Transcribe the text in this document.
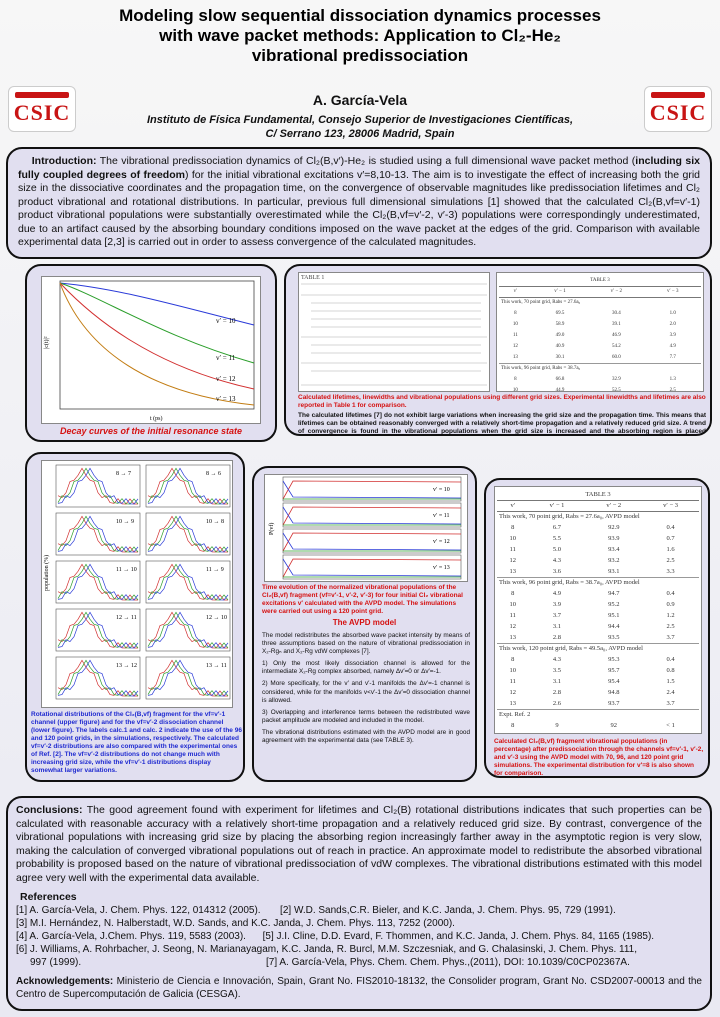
Modeling slow sequential dissociation dynamics processes
with wave packet methods: Application to Cl₂-He₂
vibrational predissociation
CSIC	CSIC
A. García-Vela
Instituto de Física Fundamental, Consejo Superior de Investigaciones Científicas,
C/ Serrano 123, 28006 Madrid, Spain

Introduction: The vibrational predissociation dynamics of Cl₂(B,v′)-He₂ is studied using a full dimensional wave packet method (including six fully coupled degrees of freedom) for the initial vibrational excitations v′=8,10-13. The aim is to investigate the effect of increasing both the grid size in the dissociative coordinates and the propagation time, on the convergence of observable magnitudes like predissociation lifetimes and Cl₂ product vibrational and rotational distributions. In particular, previous full dimensional simulations [1] showed that the calculated Cl₂(B,vf=v′-1) product vibrational populations were substantially overestimated while the Cl₂(B,vf=v′-2, v′-3) populations were correspondingly underestimated, due to an artifact caused by the absorbing boundary conditions imposed on the wave packet at the edges of the grid. Comparison with available experimental data [2,3] is carried out in order to assess convergence of the calculated magnitudes.

v′ = 10
v′ = 11
v′ = 12
v′ = 13
|c(t)|²
t (ps)
Decay curves of the initial resonance state
TABLE 1	TABLE 3			
v′	v′ − 1	v′ − 2	v′ − 3
This work, 70 point grid, Rabs = 27.6a₀			
8	69.5	30.4	1.0
10	58.9	39.1	2.0
11	49.0	46.9	3.9
12	40.9	54.2	4.9
13	30.1	60.0	7.7
This work, 96 point grid, Rabs = 38.7a₀			
8	66.8	32.9	1.3
10	44.9	52.5	2.5

Calculated lifetimes, linewidths and vibrational populations using different grid sizes. Experimental linewidths and lifetimes are also reported in Table 1 for comparison.
The calculated lifetimes [7] do not exhibit large variations when increasing the grid size and the propagation time. This means that lifetimes can be obtained reasonably converged with a relatively short-time propagation and a relatively reduced grid size. A trend of convergence is found in the vibrational populations when the grid size is increased and the absorbing region is placed
8 → 7
10 → 9
11 → 10
12 → 11
13 → 12
8 → 6
10 → 8
11 → 9
12 → 10
13 → 11
population (%)
Rotational distributions of the Cl₂(B,vf) fragment for the vf=v′-1 channel (upper figure) and for the vf=v′-2 dissociation channel (lower figure). The labels calc.1 and calc. 2 indicate the use of the 96 and 120 point grids, in the simulations, respectively. The calculated vf=v′-2 distributions are also compared with the experimental ones of Ref. [2]. The vf=v′-2 distributions do not change much with increasing grid size, while the vf=v′-1 distributions display somewhat larger variations.
v′ = 10
v′ = 11
v′ = 12
v′ = 13
P(vf)
Time evolution of the normalized vibrational populations of the Cl₂(B,vf) fragment (vf=v′-1, v′-2, v′-3) for four initial Cl₂ vibrational excitations v′ calculated with the AVPD model. The simulations were carried out using a 120 point grid.
The AVPD model

The model redistributes the absorbed wave packet intensity by means of three assumptions based on the nature of vibrational predissociation in X₂-Rgₙ and X₂-Rg vdW complexes [7].

1) Only the most likely dissociation channel is allowed for the intermediate X₂-Rg complex absorbed, namely Δv′=0 or Δv′=-1.

2) More specifically, for the v′ and v′-1 manifolds the Δv′=-1 channel is considered, while for the manifolds v<v′-1 the Δv′=0 dissociation channel is allowed.

3) Overlapping and interference terms between the redistributed wave packet amplitude are modeled and included in the model.

The vibrational distributions estimated with the AVPD model are in good agreement with the experimental data (see TABLE 3).

TABLE 3			
v′	v′ − 1	v′ − 2	v′ − 3
This work, 70 point grid, Rabs = 27.6a₀, AVPD model			
8	6.7	92.9	0.4
10	5.5	93.9	0.7
11	5.0	93.4	1.6
12	4.3	93.2	2.5
13	3.6	93.1	3.3
This work, 96 point grid, Rabs = 38.7a₀, AVPD model			
8	4.9	94.7	0.4
10	3.9	95.2	0.9
11	3.7	95.1	1.2
12	3.1	94.4	2.5
13	2.8	93.5	3.7
This work, 120 point grid, Rabs = 49.5a₀, AVPD model			
8	4.3	95.3	0.4
10	3.5	95.7	0.8
11	3.1	95.4	1.5
12	2.8	94.8	2.4
13	2.6	93.7	3.7
Expt. Ref. 2			
8	9	92	< 1
Calculated Cl₂(B,vf) fragment vibrational populations (in percentage) after predissociation through the channels vf=v′-1, v′-2, and v′-3 using the AVPD model with 70, 96, and 120 point grid simulations. The experimental distribution for v′=8 is also shown for comparison.

Conclusions: The good agreement found with experiment for lifetimes and Cl₂(B) rotational distributions indicates that such properties can be calculated with reasonable accuracy with a relatively short-time propagation and a relatively reduced grid size. By contrast, convergence of the vibrational populations with increasing grid size by placing the absorbing region increasingly farther away in the asymptotic region is very slow, making the calculation of converged vibrational populations out of reach in practice. An approximate model to redistribute the absorbed vibrational probability is proposed based on the nature of vibrational predissociation of vdW complexes. The vibrational distributions estimated with this model agree very well with the experimental data available.

References
[1] A. García-Vela, J. Chem. Phys. 122, 014312 (2005). [2] W.D. Sands,C.R. Bieler, and K.C. Janda, J. Chem. Phys. 95, 729 (1991).
[3] M.I. Hernández, N. Halberstadt, W.D. Sands, and K.C. Janda, J. Chem. Phys. 113, 7252 (2000).
[4] A. García-Vela, J.Chem. Phys. 119, 5583 (2003). [5] J.I. Cline, D.D. Evard, F. Thommen, and K.C. Janda, J. Chem. Phys. 84, 1165 (1985).
[6] J. Williams, A. Rohrbacher, J. Seong, N. Marianayagam, K.C. Janda, R. Burcl, M.M. Szczesniak, and G. Chalasinski, J. Chem. Phys. 111,
997 (1999).	[7] A. García-Vela, Phys. Chem. Chem. Phys.,(2011), DOI: 10.1039/C0CP02367A.

Acknowledgements: Ministerio de Ciencia e Innovación, Spain, Grant No. FIS2010-18132, the Consolider program, Grant No. CSD2007-00013 and the Centro de Supercomputación de Galicia (CESGA).
